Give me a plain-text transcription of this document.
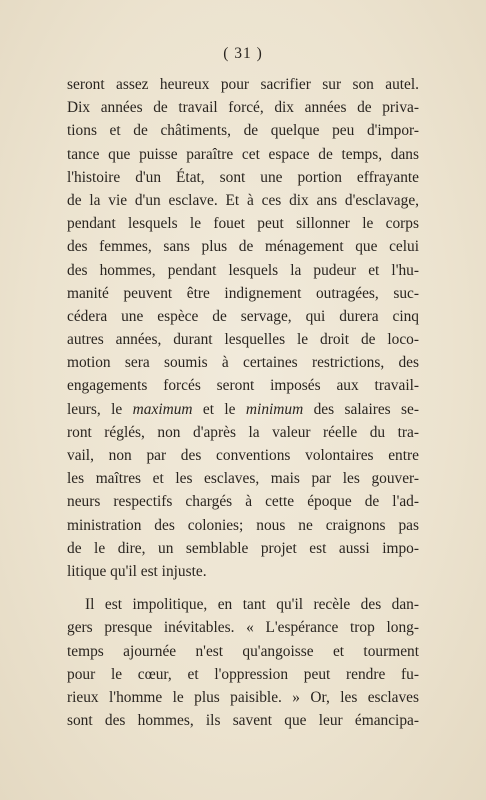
( 31 )
seront assez heureux pour sacrifier sur son autel.
Dix années de travail forcé, dix années de priva-
tions et de châtiments, de quelque peu d'impor-
tance que puisse paraître cet espace de temps, dans
l'histoire d'un État, sont une portion effrayante
de la vie d'un esclave. Et à ces dix ans d'esclavage,
pendant lesquels le fouet peut sillonner le corps
des femmes, sans plus de ménagement que celui
des hommes, pendant lesquels la pudeur et l'hu-
manité peuvent être indignement outragées, suc-
cédera une espèce de servage, qui durera cinq
autres années, durant lesquelles le droit de loco-
motion sera soumis à certaines restrictions, des
engagements forcés seront imposés aux travail-
leurs, le maximum et le minimum des salaires se-
ront réglés, non d'après la valeur réelle du tra-
vail, non par des conventions volontaires entre
les maîtres et les esclaves, mais par les gouver-
neurs respectifs chargés à cette époque de l'ad-
ministration des colonies; nous ne craignons pas
de le dire, un semblable projet est aussi impo-
litique qu'il est injuste.
Il est impolitique, en tant qu'il recèle des dan-
gers presque inévitables. « L'espérance trop long-
temps ajournée n'est qu'angoisse et tourment
pour le cœur, et l'oppression peut rendre fu-
rieux l'homme le plus paisible. » Or, les esclaves
sont des hommes, ils savent que leur émancipa-
